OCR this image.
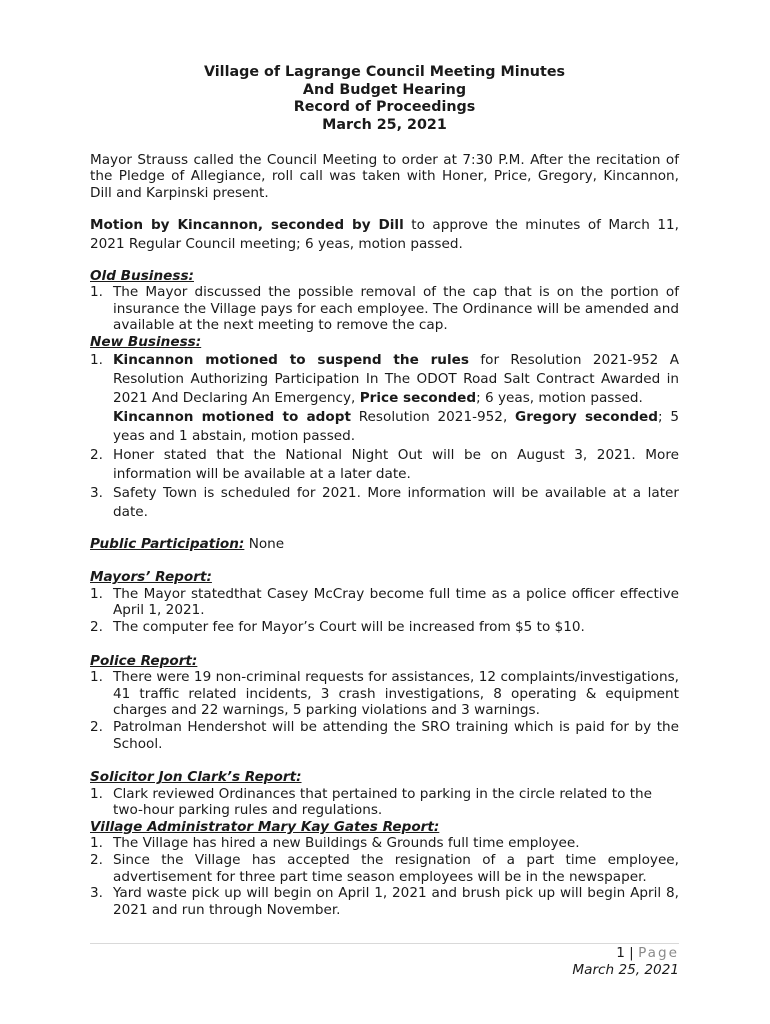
Village of Lagrange Council Meeting Minutes
And Budget Hearing
Record of Proceedings
March 25, 2021

Mayor Strauss called the Council Meeting to order at 7:30 P.M. After the recitation of the Pledge of Allegiance, roll call was taken with Honer, Price, Gregory, Kincannon, Dill and Karpinski present.

Motion by Kincannon, seconded by Dill to approve the minutes of March 11, 2021 Regular Council meeting; 6 yeas, motion passed.

Old Business:
1. The Mayor discussed the possible removal of the cap that is on the portion of insurance the Village pays for each employee. The Ordinance will be amended and available at the next meeting to remove the cap.
New Business:
1. Kincannon motioned to suspend the rules for Resolution 2021-952 A Resolution Authorizing Participation In The ODOT Road Salt Contract Awarded in 2021 And Declaring An Emergency, Price seconded; 6 yeas, motion passed.
Kincannon motioned to adopt Resolution 2021-952, Gregory seconded; 5 yeas and 1 abstain, motion passed.
2. Honer stated that the National Night Out will be on August 3, 2021. More information will be available at a later date.
3. Safety Town is scheduled for 2021. More information will be available at a later date.
Public Participation: None
Mayors’ Report:
1. The Mayor statedthat Casey McCray become full time as a police officer effective April 1, 2021.
2. The computer fee for Mayor’s Court will be increased from $5 to $10.
Police Report:
1. There were 19 non-criminal requests for assistances, 12 complaints/investigations, 41 traffic related incidents, 3 crash investigations, 8 operating & equipment charges and 22 warnings, 5 parking violations and 3 warnings.
2. Patrolman Hendershot will be attending the SRO training which is paid for by the School.
Solicitor Jon Clark’s Report:
1. Clark reviewed Ordinances that pertained to parking in the circle related to the two-hour parking rules and regulations.
Village Administrator Mary Kay Gates Report:
1. The Village has hired a new Buildings & Grounds full time employee.
2. Since the Village has accepted the resignation of a part time employee, advertisement for three part time season employees will be in the newspaper.
3. Yard waste pick up will begin on April 1, 2021 and brush pick up will begin April 8, 2021 and run through November.
1 | Page
March 25, 2021
